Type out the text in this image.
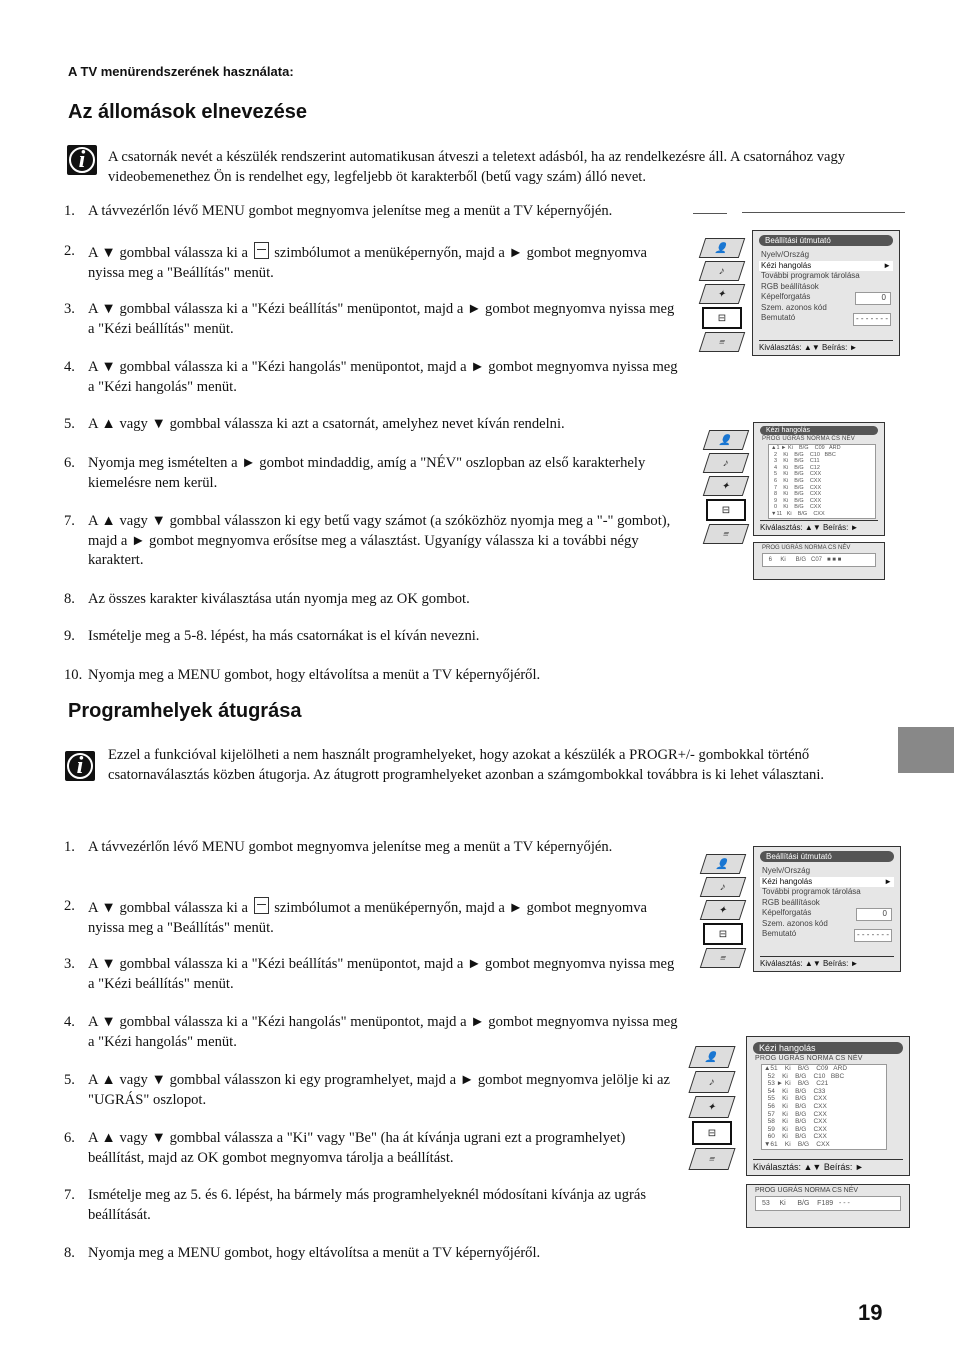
A TV menürendszerének használata:
Az állomások elnevezése
i	A csatornák nevét a készülék rendszerint automatikusan átveszi a teletext adásból, ha az rendelkezésre áll. A csatornához vagy videobemenethez Ön is rendelhet egy, legfeljebb öt karakterből (betű vagy szám) álló nevet.
1. A távvezérlőn lévő MENU gombot megnyomva jelenítse meg a menüt a TV képernyőjén.
2. A ▼ gombbal válassza ki a  szimbólumot a menüképernyőn, majd a ► gombot megnyomva nyissa meg a "Beállítás" menüt.
3. A ▼ gombbal válassza ki a "Kézi beállítás" menüpontot, majd a ► gombot megnyomva nyissa meg a "Kézi beállítás" menüt.
4. A ▼ gombbal válassza ki a "Kézi hangolás" menüpontot, majd a ► gombot megnyomva nyissa meg a "Kézi hangolás" menüt.
5. A ▲ vagy ▼ gombbal válassza ki azt a csatornát, amelyhez nevet kíván rendelni.
6. Nyomja meg ismételten a ► gombot mindaddig, amíg a "NÉV" oszlopban az első karakterhely kiemelésre nem kerül.
7. A ▲ vagy ▼ gombbal válasszon ki egy betű vagy számot (a szóközhöz nyomja meg a "-" gombot), majd a ► gombot megnyomva erősítse meg a választást. Ugyanígy válassza ki a további négy karaktert.
8. Az összes karakter kiválasztása után nyomja meg az OK gombot.
9. Ismételje meg a 5-8. lépést, ha más csatornákat is el kíván nevezni.
10. Nyomja meg a MENU gombot, hogy eltávolítsa a menüt a TV képernyőjéről.
Programhelyek átugrása
i	Ezzel a funkcióval kijelölheti a nem használt programhelyeket, hogy azokat a készülék a PROGR+/- gombokkal történő csatornaválasztás közben átugorja. Az átugrott programhelyeket azonban a számgombokkal továbbra is ki lehet választani.
1. A távvezérlőn lévő MENU gombot megnyomva jelenítse meg a menüt a TV képernyőjén.
2. A ▼ gombbal válassza ki a  szimbólumot a menüképernyőn, majd a ► gombot megnyomva nyissa meg a "Beállítás" menüt.
3. A ▼ gombbal válassza ki a "Kézi beállítás" menüpontot, majd a ► gombot megnyomva nyissa meg a "Kézi beállítás" menüt.
4. A ▼ gombbal válassza ki a "Kézi hangolás" menüpontot, majd a ► gombot megnyomva nyissa meg a "Kézi hangolás" menüt.
5. A ▲ vagy ▼ gombbal válasszon ki egy programhelyet, majd a ► gombot megnyomva jelölje ki az "UGRÁS" oszlopot.
6. A ▲ vagy ▼ gombbal válassza a "Ki" vagy "Be" (ha át kívánja ugrani ezt a programhelyet) beállítást, majd az OK gombot megnyomva tárolja a beállítást.
7. Ismételje meg az 5. és 6. lépést, ha bármely más programhelyeknél módosítani kívánja az ugrás beállítását.
8. Nyomja meg a MENU gombot, hogy eltávolítsa a menüt a TV képernyőjéről.
19
👤
♪
✦
⊟
≡
Beállítási útmutató
Nyelv/Ország
Kézi hangolás	►
További programok tárolása
RGB beállítások
Képelforgatás	0
Szem. azonos kód
- - - - - - -
Bemutató
Kiválasztás: ▲▼ Beírás: ►
👤
♪
✦
⊟
≡
Kézi hangolás
PROG UGRÁS NORMA CS NÉV
▲1 ► Ki    B/G    C09   ARD
2    Ki    B/G    C10   BBC
3    Ki    B/G    C11
4    Ki    B/G    C12
5    Ki    B/G    CXX
6    Ki    B/G    CXX
7    Ki    B/G    CXX
8    Ki    B/G    CXX
9    Ki    B/G    CXX
0    Ki    B/G    CXX
▼11   Ki    B/G    CXX
Kiválasztás: ▲▼ Beírás: ►
PROG UGRÁS NORMA CS NÉV
6     Ki      B/G   C07   ■ ■ ■
👤
♪
✦
⊟
≡
Beállítási útmutató
Nyelv/Ország
Kézi hangolás	►
További programok tárolása
RGB beállítások
Képelforgatás	0
Szem. azonos kód
- - - - - - -
Bemutató
Kiválasztás: ▲▼ Beírás: ►
👤
♪
✦
⊟
≡
Kézi hangolás
PROG UGRÁS NORMA CS NÉV
▲51    Ki    B/G    C09   ARD
52    Ki    B/G    C10   BBC
53 ► Ki    B/G    C21
54    Ki    B/G    C33
55    Ki    B/G    CXX
56    Ki    B/G    CXX
57    Ki    B/G    CXX
58    Ki    B/G    CXX
59    Ki    B/G    CXX
60    Ki    B/G    CXX
▼61    Ki    B/G    CXX
Kiválasztás: ▲▼ Beírás: ►
PROG UGRÁS NORMA CS NÉV
53     Ki      B/G    F189   - - -
